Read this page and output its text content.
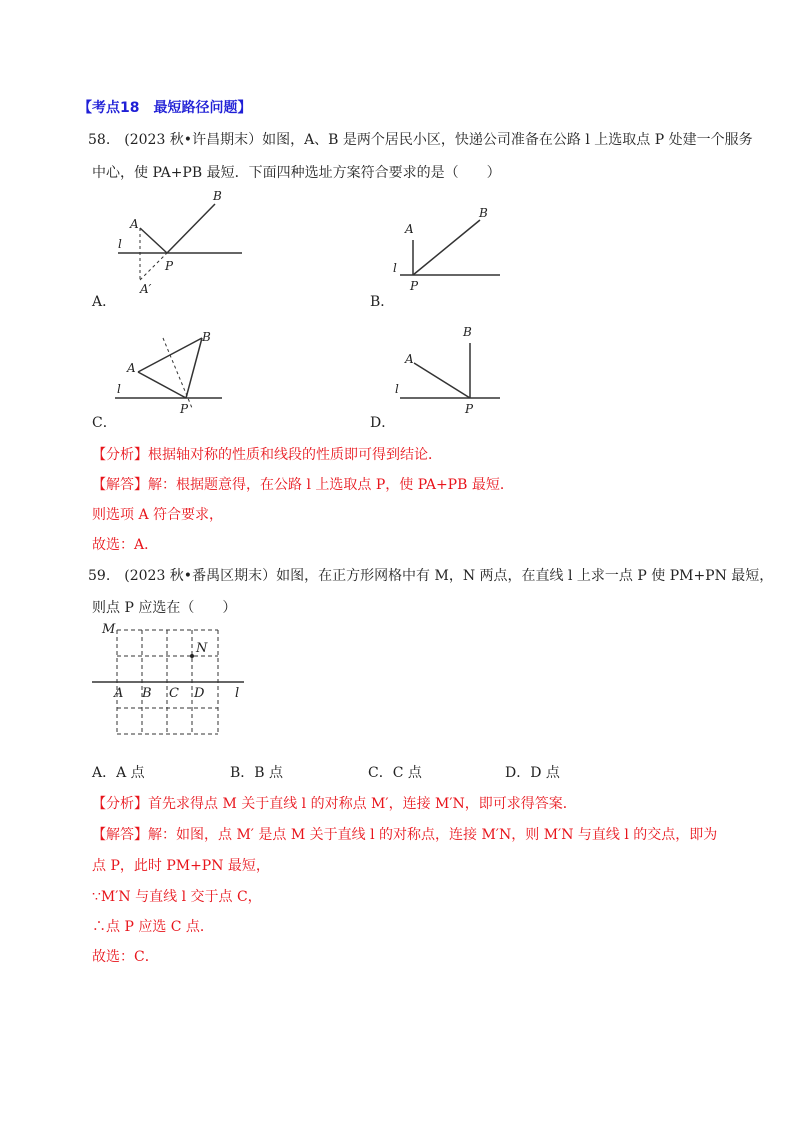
【考点18　最短路径问题】
58.　(2023 秋•许昌期末）如图，A、B 是两个居民小区，快递公司准备在公路 l 上选取点 P 处建一个服务
中心，使 PA+PB 最短．下面四种选址方案符合要求的是（　　）
A
B
P
l
A′
A．
A
B
P
l
B．
A
B
P
l
C．
A
B
P
l
D．
【分析】根据轴对称的性质和线段的性质即可得到结论．
【解答】解：根据题意得，在公路 l 上选取点 P，使 PA+PB 最短．
则选项 A 符合要求，
故选：A．
59.　(2023 秋•番禺区期末）如图，在正方形网格中有 M，N 两点，在直线 l 上求一点 P 使 PM+PN 最短，
则点 P 应选在（　　）
M
N
A B C D l
A．A 点	B．B 点	C．C 点	D．D 点
【分析】首先求得点 M 关于直线 l 的对称点 M′，连接 M′N，即可求得答案．
【解答】解：如图，点 M′ 是点 M 关于直线 l 的对称点，连接 M′N，则 M′N 与直线 l 的交点，即为
点 P，此时 PM+PN 最短，
∵M′N 与直线 l 交于点 C，
∴点 P 应选 C 点．
故选：C．
